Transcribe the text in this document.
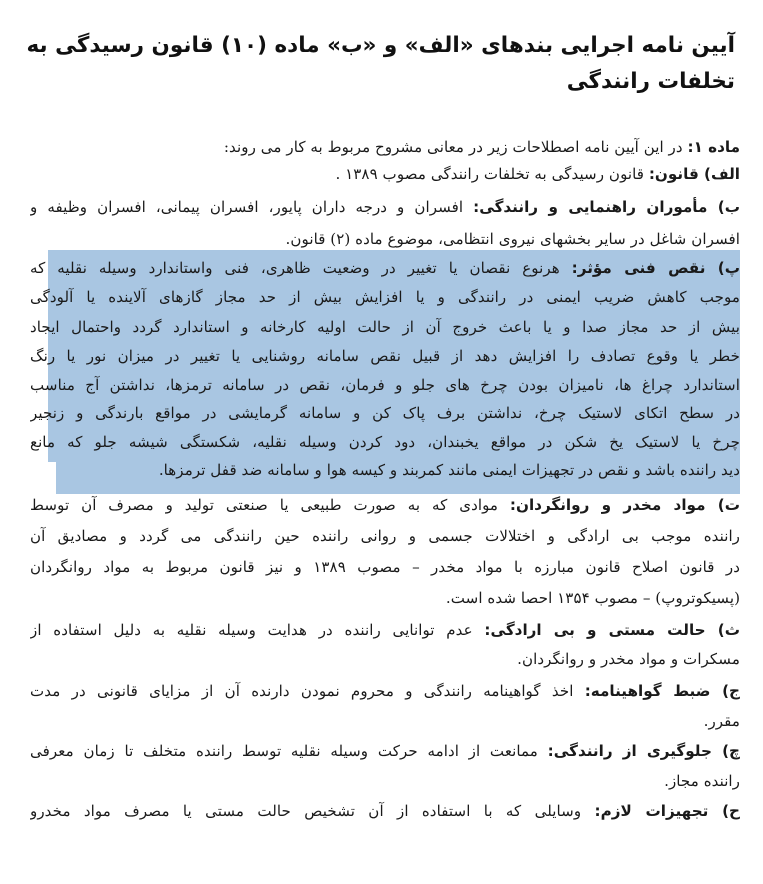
آیین نامه اجرایی بندهای «الف» و «ب» ماده (۱۰) قانون رسیدگی به
تخلفات رانندگی
ماده ۱: در این آیین نامه اصطلاحات زیر در معانی مشروح مربوط به کار می روند:
الف) قانون: قانون رسیدگی به تخلفات رانندگی مصوب ۱۳۸۹ .
ب) مأموران راهنمایی و رانندگی: افسران و درجه داران پایور، افسران پیمانی، افسران وظیفه و
افسران شاغل در سایر بخشهای نیروی انتظامی، موضوع ماده (۲) قانون.
پ) نقص فنی مؤثر: هرنوع نقصان یا تغییر در وضعیت ظاهری، فنی واستاندارد وسیله نقلیه که
موجب کاهش ضریب ایمنی در رانندگی و یا افزایش بیش از حد مجاز گازهای آلاینده یا آلودگی
بیش از حد مجاز صدا و یا باعث خروج آن از حالت اولیه کارخانه و استاندارد گردد واحتمال ایجاد
خطر یا وقوع تصادف را افزایش دهد از قبیل نقص سامانه روشنایی یا تغییر در میزان نور یا رنگ
استاندارد چراغ ها، ناميزان بودن چرخ های جلو و فرمان، نقص در سامانه ترمزها، نداشتن آج مناسب
در سطح اتکای لاستیک چرخ، نداشتن برف پاک کن و سامانه گرمایشی در مواقع بارندگی و زنجیر
چرخ یا لاستیک یخ شکن در مواقع یخبندان، دود کردن وسیله نقلیه، شکستگی شیشه جلو که مانع
دید راننده باشد و نقص در تجهیزات ایمنی مانند کمربند و کیسه هوا و سامانه ضد قفل ترمزها.
ت) مواد مخدر و روانگردان: موادی که به صورت طبیعی یا صنعتی تولید و مصرف آن توسط
راننده موجب بی ارادگی و اختلالات جسمی و روانی راننده حین رانندگی می گردد و مصادیق آن
در قانون اصلاح قانون مبارزه با مواد مخدر – مصوب ۱۳۸۹ و نیز قانون مربوط به مواد روانگردان
(پسیکوتروپ) – مصوب ۱۳۵۴ احصا شده است.
ث) حالت مستی و بی ارادگی: عدم توانایی راننده در هدایت وسیله نقلیه به دلیل استفاده از
مسکرات و مواد مخدر و روانگردان.
ج) ضبط گواهینامه: اخذ گواهینامه رانندگی و محروم نمودن دارنده آن از مزایای قانونی در مدت
مقرر.
چ) جلوگیری از رانندگی: ممانعت از ادامه حرکت وسیله نقلیه توسط راننده متخلف تا زمان معرفی
راننده مجاز.
ح) تجهیزات لازم: وسایلی که با استفاده از آن تشخیص حالت مستی یا مصرف مواد مخدرو
